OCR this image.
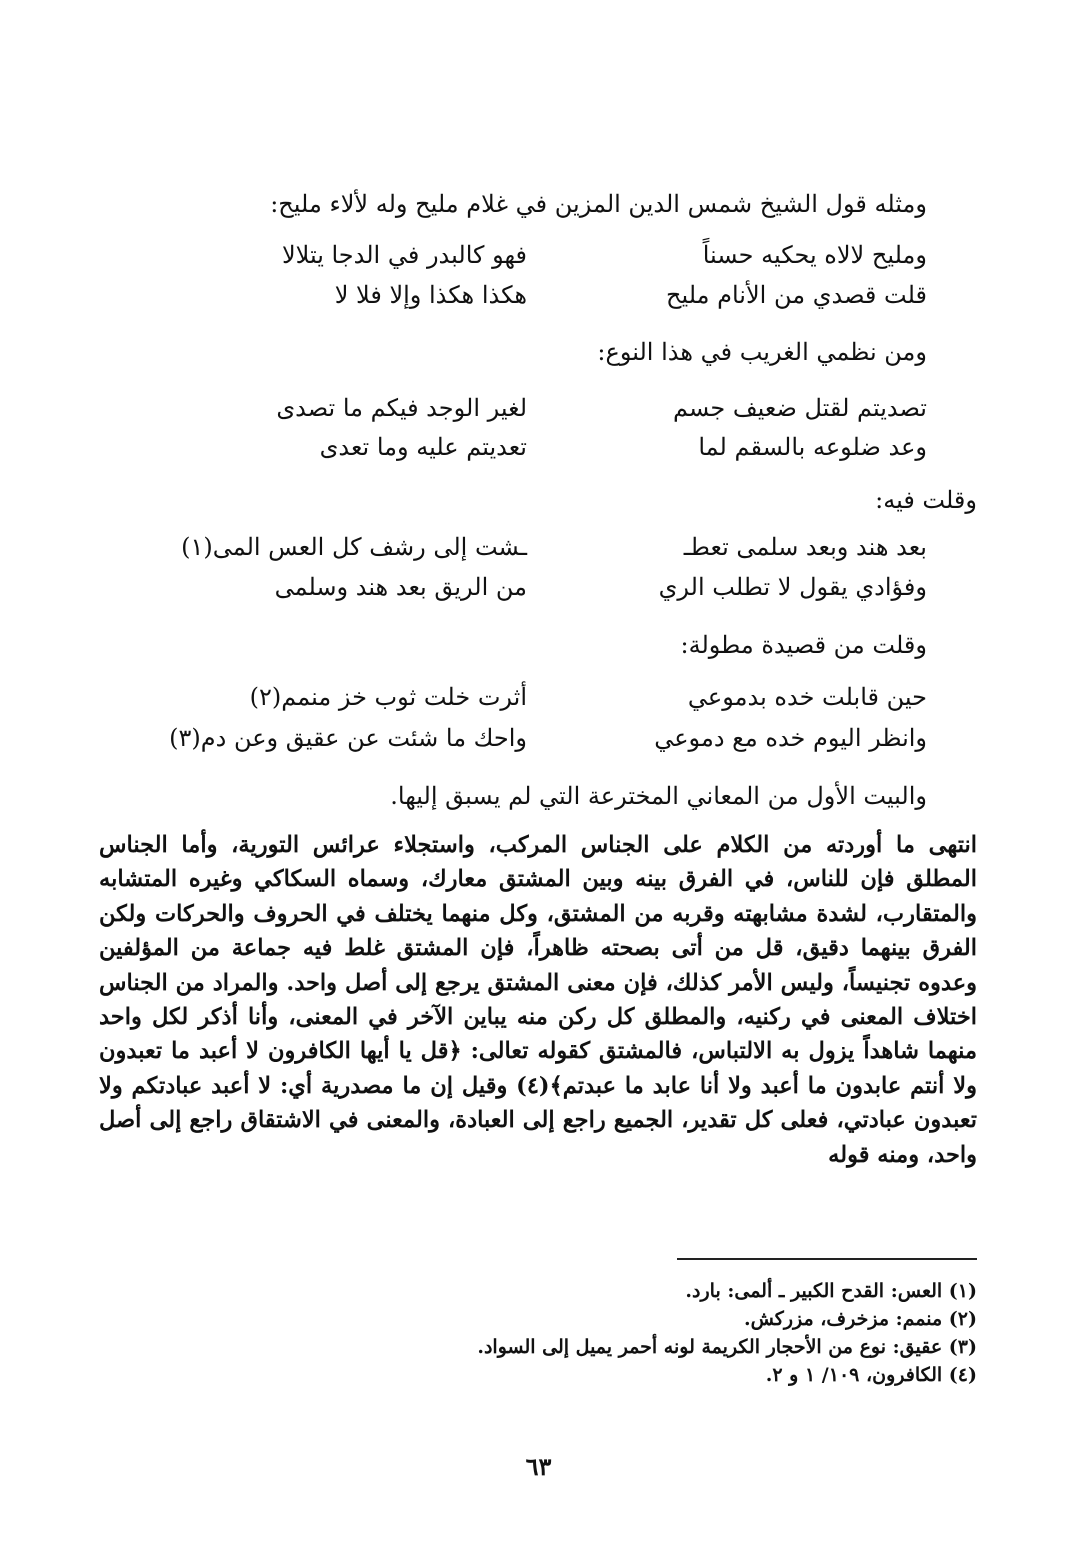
ومثله قول الشيخ شمس الدين المزين في غلام مليح وله لألاء مليح:
ومليح لالاه يحكيه حسناً
فهو كالبدر في الدجا يتلالا
قلت قصدي من الأنام مليح
هكذا هكذا وإلا فلا لا
ومن نظمي الغريب في هذا النوع:
تصديتم لقتل ضعيف جسم
لغير الوجد فيكم ما تصدى
وعد ضلوعه بالسقم لما
تعديتم عليه وما تعدى
وقلت فيه:
بعد هند وبعد سلمى تعطـ
ـشت إلى رشف كل العس المى(١)
وفؤادي يقول لا تطلب الري
من الريق بعد هند وسلمى
وقلت من قصيدة مطولة:
حين قابلت خده بدموعي
أثرت خلت ثوب خز منمم(٢)
وانظر اليوم خده مع دموعي
واحك ما شئت عن عقيق وعن دم(٣)
والبيت الأول من المعاني المخترعة التي لم يسبق إليها.

انتهى ما أوردته من الكلام على الجناس المركب، واستجلاء عرائس التورية، وأما الجناس المطلق فإن للناس، في الفرق بينه وبين المشتق معارك، وسماه السكاكي وغيره المتشابه والمتقارب، لشدة مشابهته وقربه من المشتق، وكل منهما يختلف في الحروف والحركات ولكن الفرق بينهما دقيق، قل من أتى بصحته ظاهراً، فإن المشتق غلط فيه جماعة من المؤلفين وعدوه تجنيساً، وليس الأمر كذلك، فإن معنى المشتق يرجع إلى أصل واحد. والمراد من الجناس اختلاف المعنى في ركنيه، والمطلق كل ركن منه يباين الآخر في المعنى، وأنا أذكر لكل واحد منهما شاهداً يزول به الالتباس، فالمشتق كقوله تعالى: ﴿قل يا أيها الكافرون لا أعبد ما تعبدون ولا أنتم عابدون ما أعبد ولا أنا عابد ما عبدتم﴾(٤) وقيل إن ما مصدرية أي: لا أعبد عبادتكم ولا تعبدون عبادتي، فعلى كل تقدير، الجميع راجع إلى العبادة، والمعنى في الاشتقاق راجع إلى أصل واحد، ومنه قوله

(١) العس: القدح الكبير ـ ألمى: بارد.
(٢) منمم: مزخرف، مزركش.
(٣) عقيق: نوع من الأحجار الكريمة لونه أحمر يميل إلى السواد.
(٤) الكافرون، ١٠٩/ ١ و ٢.
٦٣
